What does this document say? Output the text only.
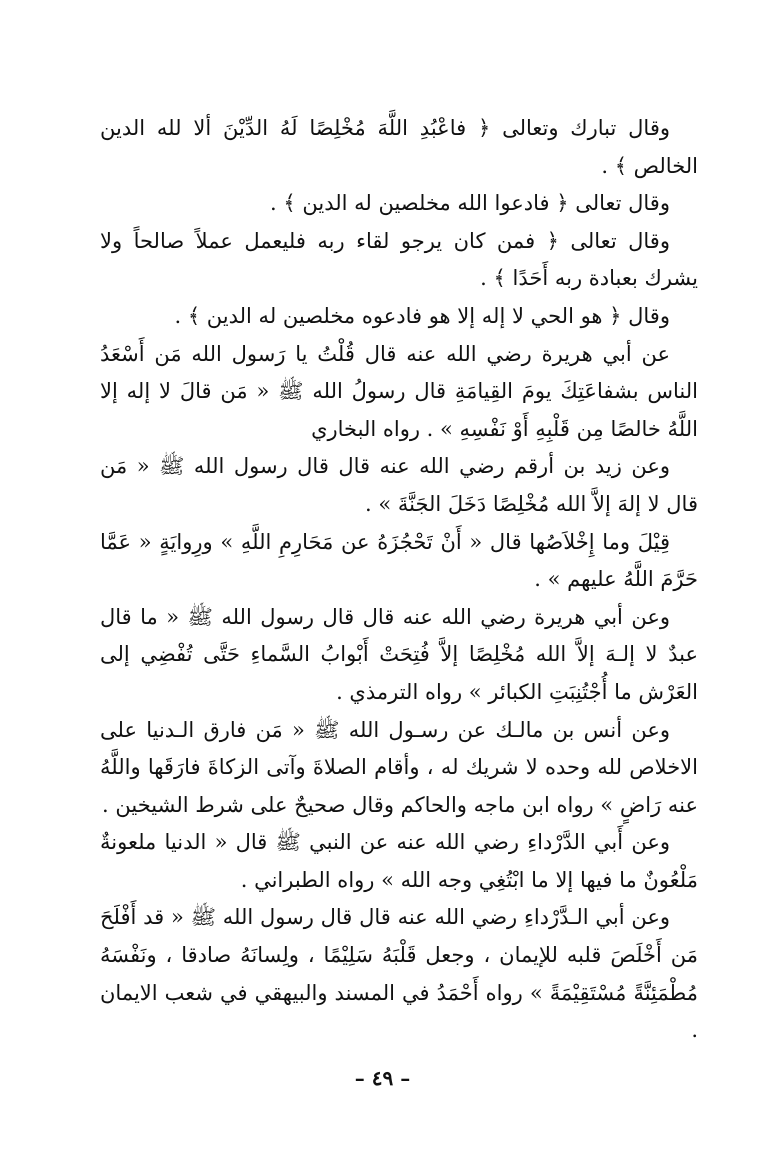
وقال تبارك وتعالى ﴿ فاعْبُدِ اللَّهَ مُخْلِصًا لَهُ الدِّيْنَ ألا لله الدين الخالص ﴾ .

وقال تعالى ﴿ فادعوا الله مخلصين له الدين ﴾ .

وقال تعالى ﴿ فمن كان يرجو لقاء ربه فليعمل عملاً صالحاً ولا يشرك بعبادة ربه أَحَدًا ﴾ .

وقال ﴿ هو الحي لا إله إلا هو فادعوه مخلصين له الدين ﴾ .

عن أبي هريرة رضي الله عنه قال قُلْتُ يا رَسول الله مَن أَسْعَدُ الناس بشفاعَتِكَ يومَ القِيامَةِ قال رسولُ الله ﷺ « مَن قالَ لا إله إلا اللَّهُ خالصًا مِن قَلْبِهِ أَوْ نَفْسِهِ » . رواه البخاري

وعن زيد بن أرقم رضي الله عنه قال قال رسول الله ﷺ « مَن قال لا إلهَ إلاَّ الله مُخْلِصًا دَخَلَ الجَنَّةَ » .

قِيْلَ وما إِخْلاَصُها قال « أَنْ تَحْجُزَهُ عن مَحَارِمِ اللَّهِ » ورِوايَةٍ « عَمَّا حَرَّمَ اللَّهُ عليهم » .

وعن أبي هريرة رضي الله عنه قال قال رسول الله ﷺ « ما قال عبدٌ لا إلـهَ إلاَّ الله مُخْلِصًا إلاَّ فُتِحَتْ أَبْوابُ السَّماءِ حَتَّى تُفْضِي إلى العَرْش ما أُجْتُنِبَتِ الكبائر » رواه الترمذي .

وعن أنس بن مالـك عن رسـول الله ﷺ « مَن فارق الـدنيا على الاخلاص لله وحده لا شريك له ، وأقام الصلاةَ وآتى الزكاةَ فارَقَها واللَّهُ عنه رَاضٍ » رواه ابن ماجه والحاكم وقال صحيحٌ على شرط الشيخين .

وعن أَبي الدَّرْداءِ رضي الله عنه عن النبي ﷺ قال « الدنيا ملعونةٌ مَلْعُونٌ ما فيها إلا ما ابْتُغِي وجه الله » رواه الطبراني .

وعن أبي الـدَّرْداءِ رضي الله عنه قال قال رسول الله ﷺ « قد أَفْلَحَ مَن أَخْلَصَ قلبه للإيمان ، وجعل قَلْبَهُ سَلِيْمًا ، ولِسانَهُ صادقا ، ونَفْسَهُ مُطْمَئِنَّةً مُسْتَقِيْمَةً » رواه أَحْمَدُ في المسند والبيهقي في شعب الايمان .

– ٤٩ –
